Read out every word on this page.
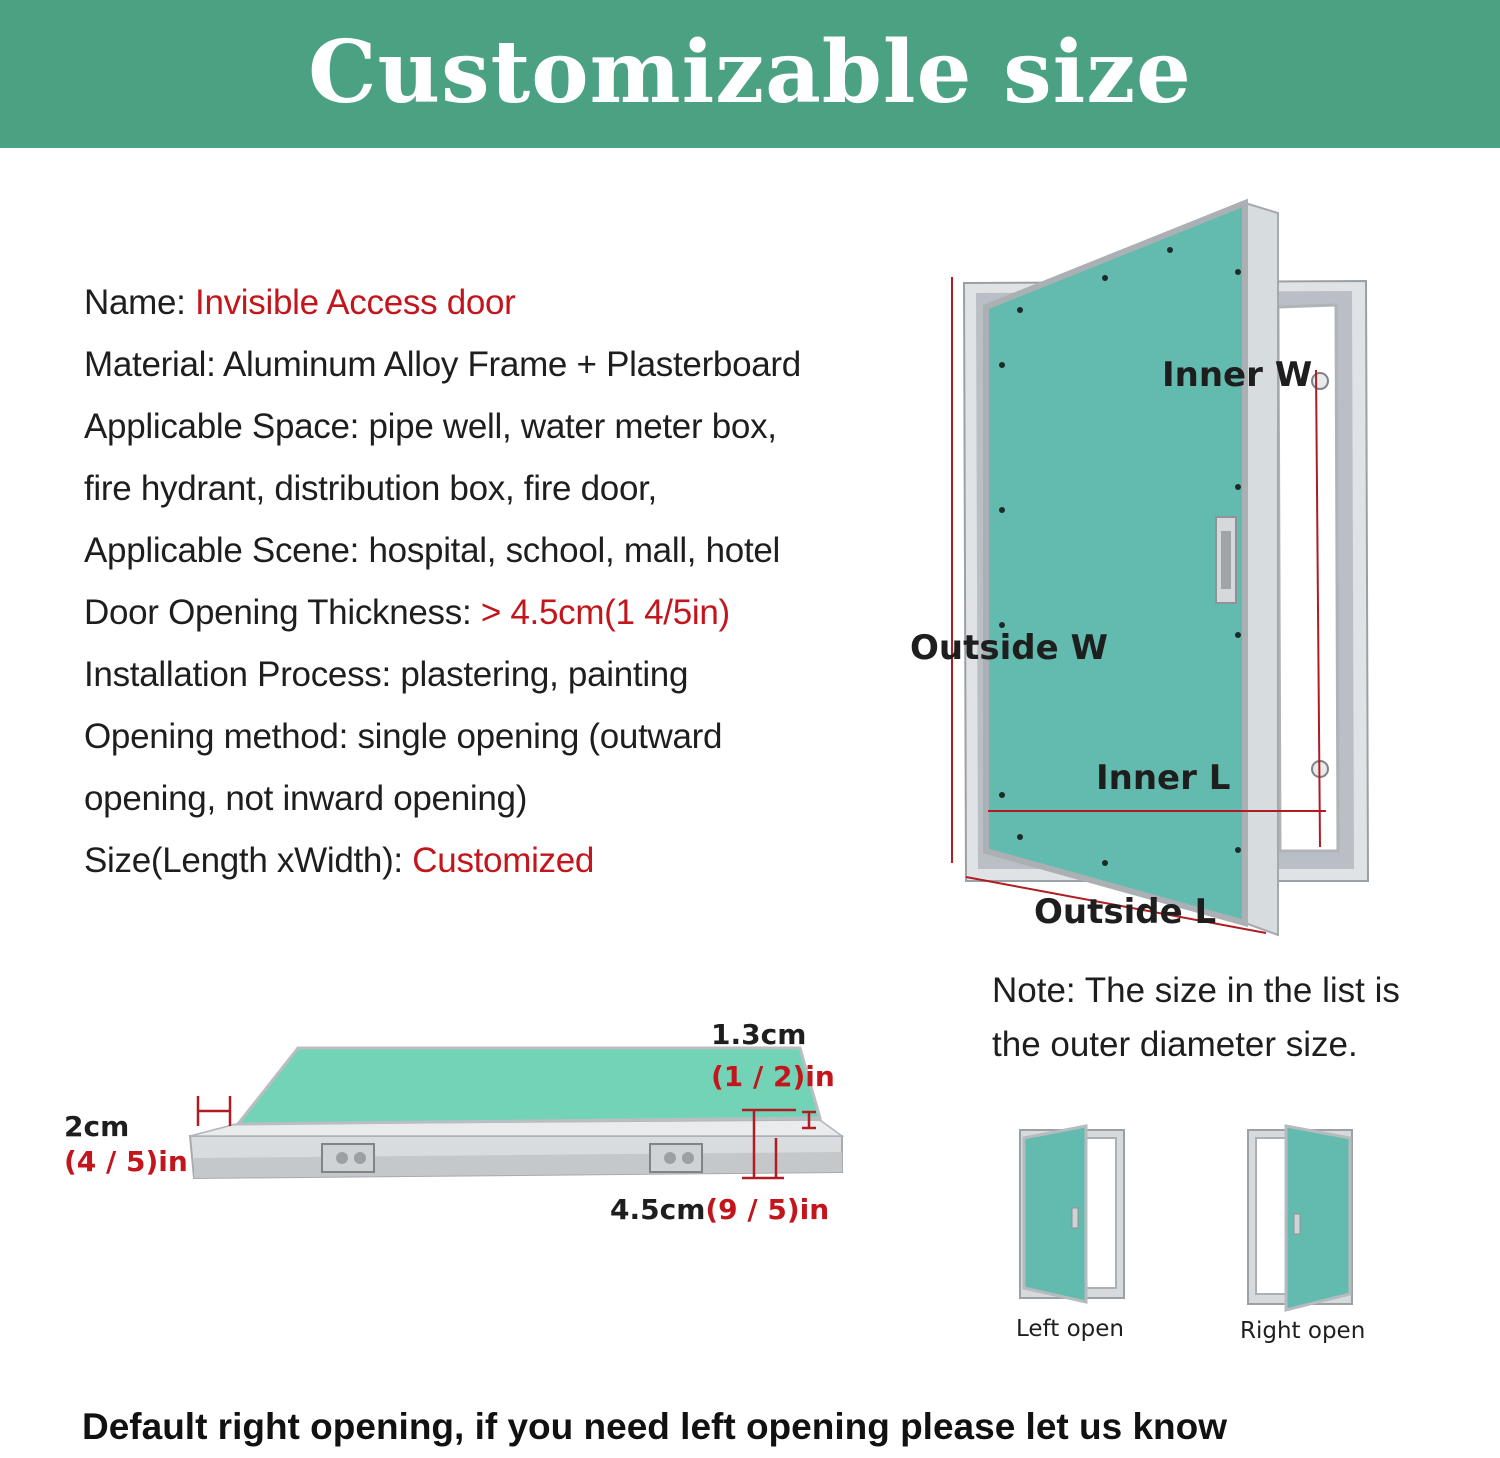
Customizable size
Name: Invisible Access door
Material: Aluminum Alloy Frame + Plasterboard
Applicable Space: pipe well, water meter box,
fire hydrant, distribution box, fire door,
Applicable Scene: hospital, school, mall, hotel
Door Opening Thickness: > 4.5cm(1 4/5in)
Installation Process: plastering, painting
Opening method: single opening (outward
opening, not inward opening)
Size(Length xWidth): Customized
Inner W
Outside W
Inner L
Outside L
Note: The size in the list is
the outer diameter size.
1.3cm
(1 / 2)in
2cm
(4 / 5)in
4.5cm(9 / 5)in
Left open	Right open
Default right opening, if you need left opening please let us know
